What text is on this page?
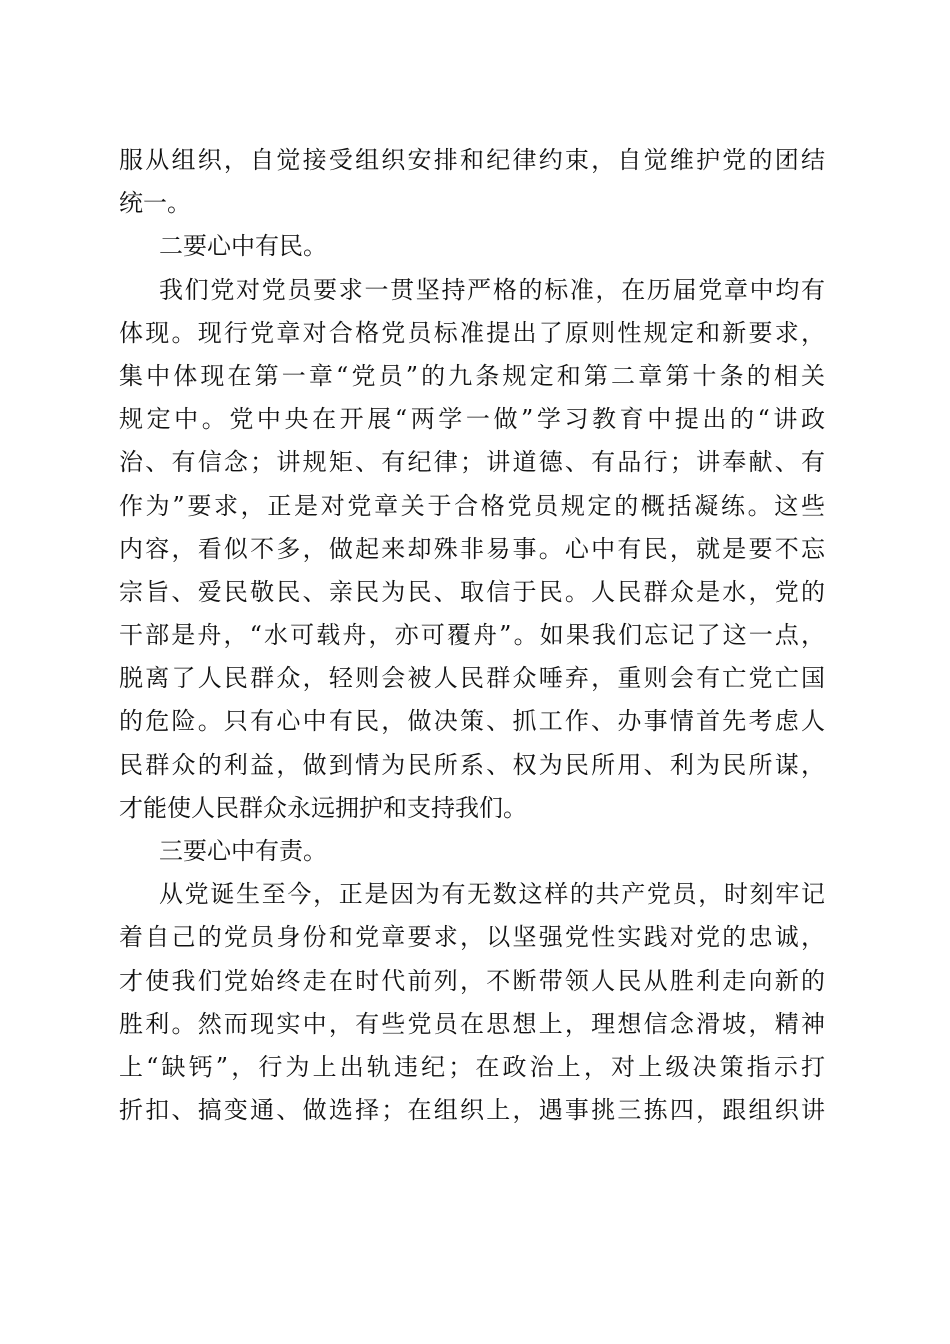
服从组织，自觉接受组织安排和纪律约束，自觉维护党的团结
统一。
二要心中有民。
我们党对党员要求一贯坚持严格的标准，在历届党章中均有
体现。现行党章对合格党员标准提出了原则性规定和新要求，
集中体现在第一章“党员”的九条规定和第二章第十条的相关
规定中。党中央在开展“两学一做”学习教育中提出的“讲政
治、有信念；讲规矩、有纪律；讲道德、有品行；讲奉献、有
作为”要求，正是对党章关于合格党员规定的概括凝练。这些
内容，看似不多，做起来却殊非易事。心中有民，就是要不忘
宗旨、爱民敬民、亲民为民、取信于民。人民群众是水，党的
干部是舟，“水可载舟，亦可覆舟”。如果我们忘记了这一点，
脱离了人民群众，轻则会被人民群众唾弃，重则会有亡党亡国
的危险。只有心中有民，做决策、抓工作、办事情首先考虑人
民群众的利益，做到情为民所系、权为民所用、利为民所谋，
才能使人民群众永远拥护和支持我们。
三要心中有责。
从党诞生至今，正是因为有无数这样的共产党员，时刻牢记
着自己的党员身份和党章要求，以坚强党性实践对党的忠诚，
才使我们党始终走在时代前列，不断带领人民从胜利走向新的
胜利。然而现实中，有些党员在思想上，理想信念滑坡，精神
上“缺钙”，行为上出轨违纪；在政治上，对上级决策指示打
折扣、搞变通、做选择；在组织上，遇事挑三拣四，跟组织讲
